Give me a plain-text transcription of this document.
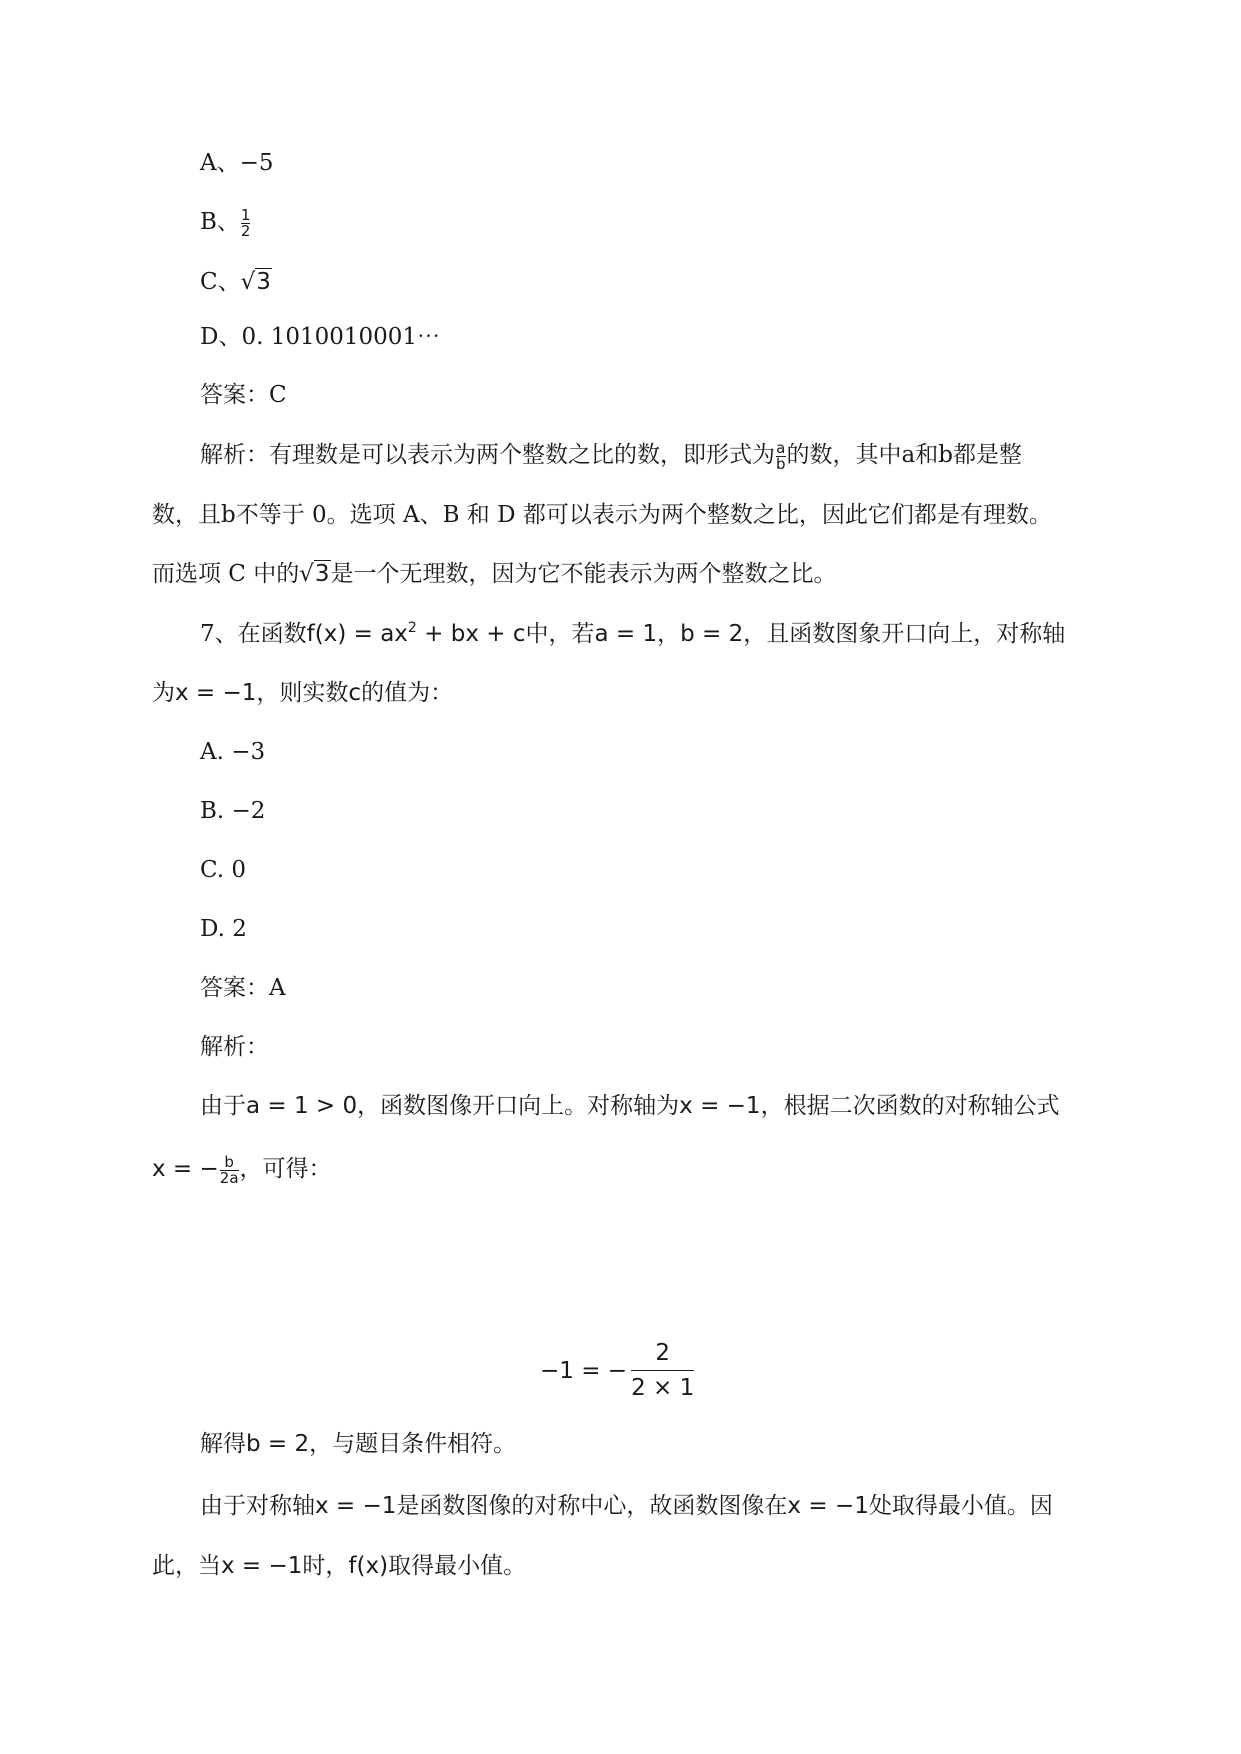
A、−5
B、 $\frac{1}{2}$
C、√3
D、0. 1010010001⋯
答案：C
解析：有理数是可以表示为两个整数之比的数，即形式为 $\frac{a}{b}$ 的数，其中a和b都是整
数，且b不等于 0。选项 A、B 和 D 都可以表示为两个整数之比，因此它们都是有理数。
而选项 C 中的√3是一个无理数，因为它不能表示为两个整数之比。
7、在函数$f(x) = ax^2$ + bx + c中，若a = 1，b = 2，且函数图象开口向上，对称轴
为x = −1，则实数c的值为：
A. −3
B. −2
C. 0
D. 2
答案：A
解析：
由于a = 1 > 0，函数图像开口向上。对称轴为x = −1，根据二次函数的对称轴公式
x = − $\frac{b}{2a}$ ，可得：
−1 = − $\frac{2}{2 \times 1}$
解得b = 2，与题目条件相符。
由于对称轴x = −1是函数图像的对称中心，故函数图像在x = −1处取得最小值。因
此，当x = −1时，f(x)取得最小值。
